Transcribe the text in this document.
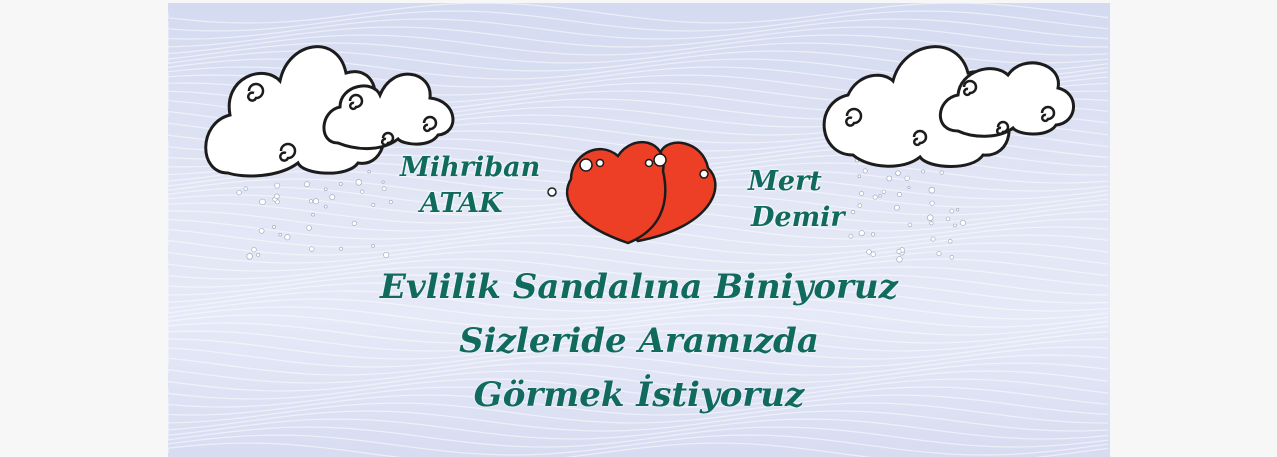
Mihriban
ATAK
Mert
Demir
Evlilik Sandalına Biniyoruz
Sizleride Aramızda
Görmek İstiyoruz
